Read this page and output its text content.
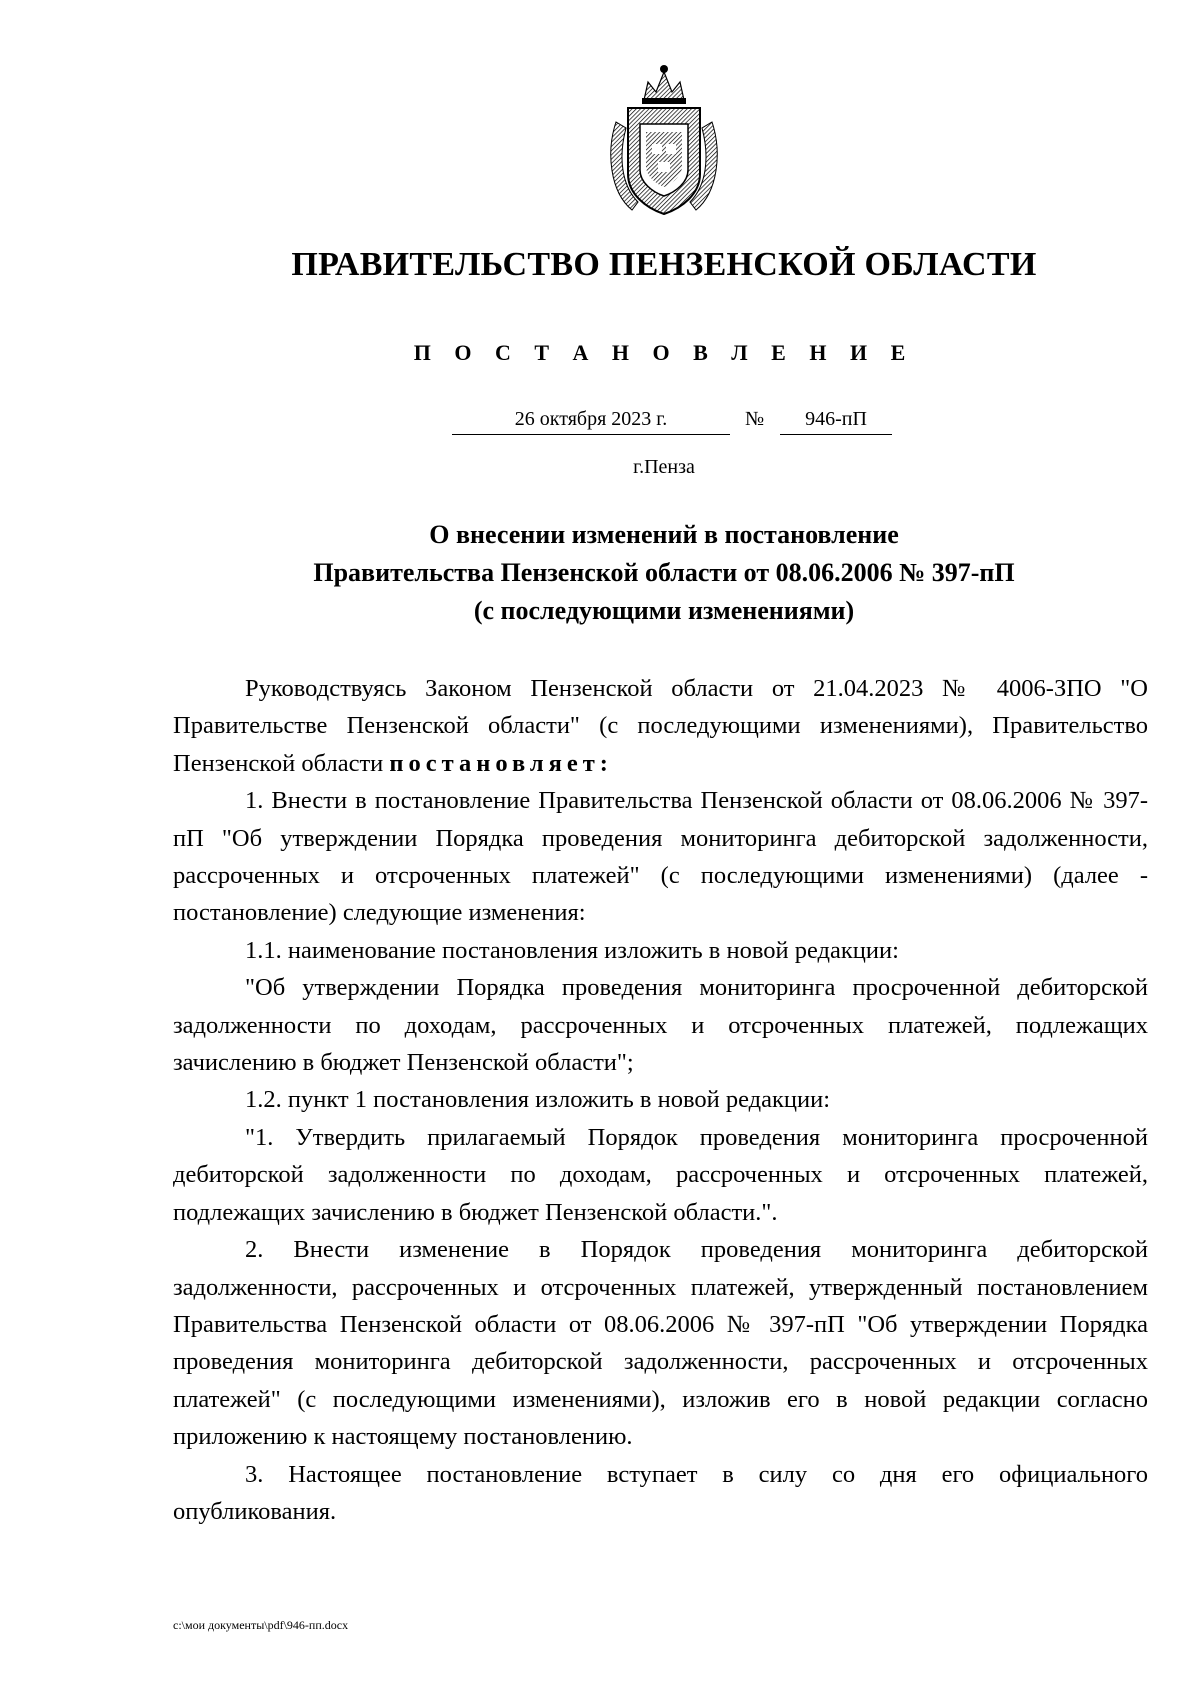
ПРАВИТЕЛЬСТВО ПЕНЗЕНСКОЙ ОБЛАСТИ
П О С Т А Н О В Л Е Н И Е
26 октября 2023 г.	№	946-пП
г.Пенза
О внесении изменений в постановление
Правительства Пензенской области от 08.06.2006 № 397-пП
(с последующими изменениями)

Руководствуясь Законом Пензенской области от 21.04.2023 № 4006-ЗПО "О Правительстве Пензенской области" (с последующими изменениями), Правительство Пензенской области постановляет:

1. Внести в постановление Правительства Пензенской области от 08.06.2006 № 397-пП "Об утверждении Порядка проведения мониторинга дебиторской задолженности, рассроченных и отсроченных платежей" (с последующими изменениями) (далее - постановление) следующие изменения:

1.1. наименование постановления изложить в новой редакции:

"Об утверждении Порядка проведения мониторинга просроченной дебиторской задолженности по доходам, рассроченных и отсроченных платежей, подлежащих зачислению в бюджет Пензенской области";

1.2. пункт 1 постановления изложить в новой редакции:

"1. Утвердить прилагаемый Порядок проведения мониторинга просроченной дебиторской задолженности по доходам, рассроченных и отсроченных платежей, подлежащих зачислению в бюджет Пензенской области.".

2. Внести изменение в Порядок проведения мониторинга дебиторской задолженности, рассроченных и отсроченных платежей, утвержденный постановлением Правительства Пензенской области от 08.06.2006 № 397-пП "Об утверждении Порядка проведения мониторинга дебиторской задолженности, рассроченных и отсроченных платежей" (с последующими изменениями), изложив его в новой редакции согласно приложению к настоящему постановлению.

3. Настоящее постановление вступает в силу со дня его официального опубликования.

c:\мои документы\pdf\946-пп.docx
